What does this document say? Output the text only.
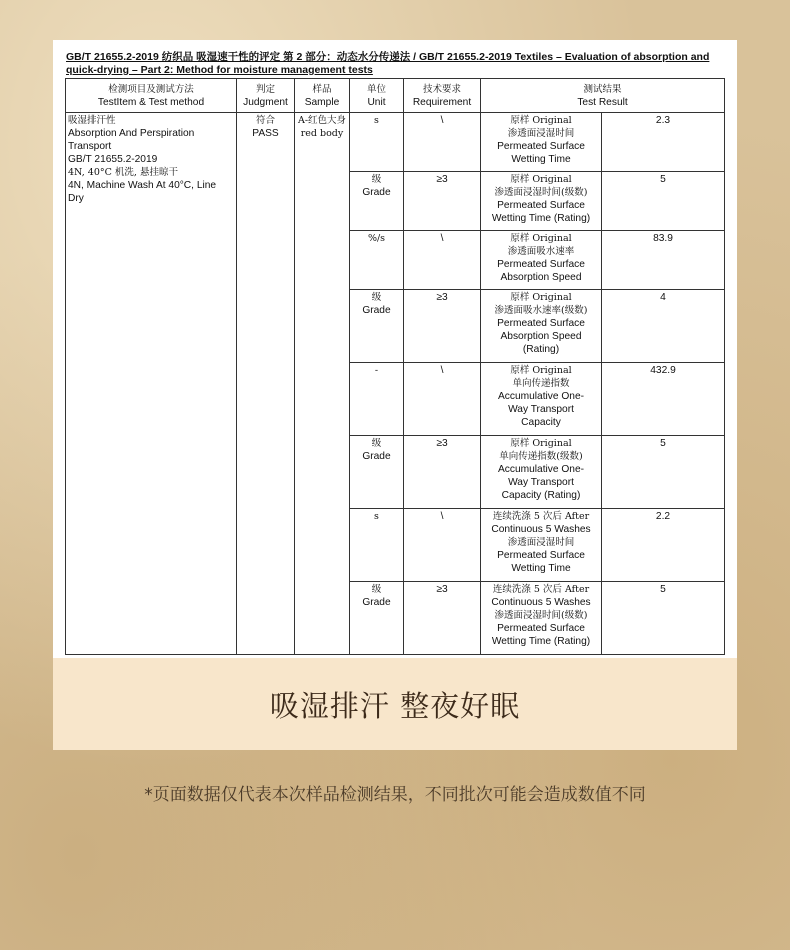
GB/T 21655.2-2019 纺织品 吸湿速干性的评定 第 2 部分：动态水分传递法 / GB/T 21655.2-2019 Textiles – Evaluation of absorption and quick-drying – Part 2: Method for moisture management tests
检测项目及测试方法
TestItem & Test method	判定
Judgment	样品
Sample	单位
Unit	技术要求
Requirement	测试结果
Test Result	

吸湿排汗性
Absorption And Perspiration Transport
GB/T 21655.2-2019
4N, 40°C 机洗, 悬挂晾干
4N, Machine Wash At 40°C, Line Dry	符合
PASS	A-红色大身 red body	s	\	原样 Original
渗透面浸湿时间
Permeated Surface
Wetting Time	2.3

			级
Grade	≥3	原样 Original
渗透面浸湿时间(级数)
Permeated Surface
Wetting Time (Rating)	5

			%/s	\	原样 Original
渗透面吸水速率
Permeated Surface
Absorption Speed	83.9

			级
Grade	≥3	原样 Original
渗透面吸水速率(级数)
Permeated Surface
Absorption Speed
(Rating)	4

			-	\	原样 Original
单向传递指数
Accumulative One-
Way Transport
Capacity	432.9

			级
Grade	≥3	原样 Original
单向传递指数(级数)
Accumulative One-
Way Transport
Capacity (Rating)	5

			s	\	连续洗涤 5 次后 After
Continuous 5 Washes
渗透面浸湿时间
Permeated Surface
Wetting Time	2.2

			级
Grade	≥3	连续洗涤 5 次后 After
Continuous 5 Washes
渗透面浸湿时间(级数)
Permeated Surface
Wetting Time (Rating)	5
吸湿排汗 整夜好眠
*页面数据仅代表本次样品检测结果，不同批次可能会造成数值不同
